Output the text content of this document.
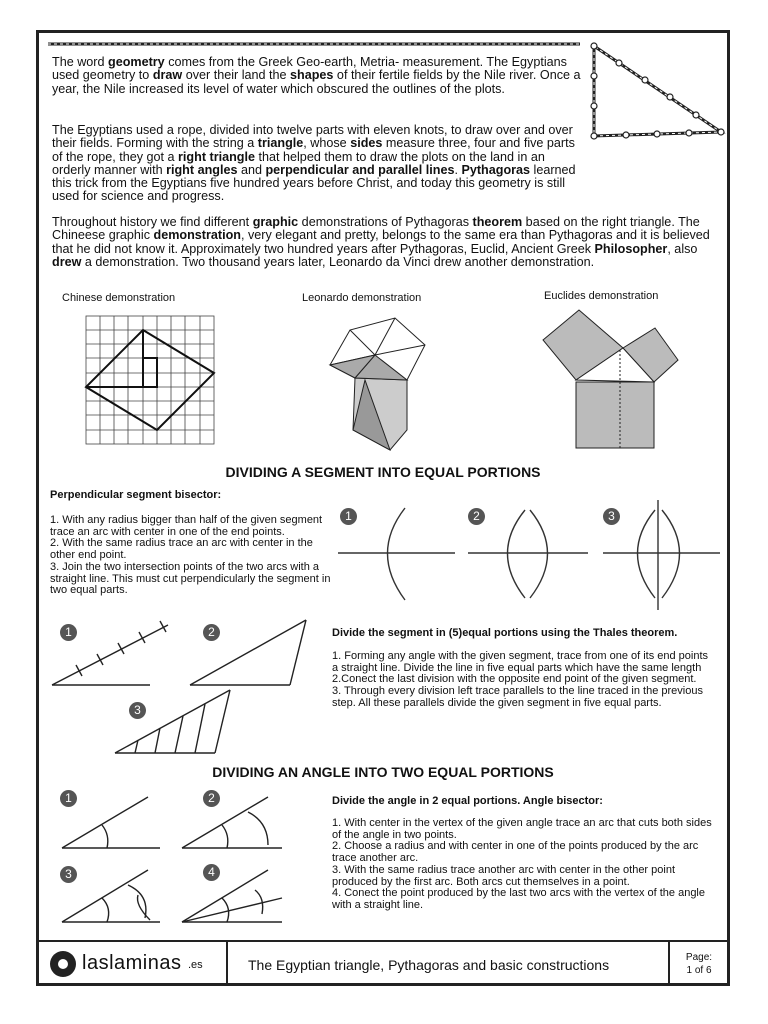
The word geometry comes from the Greek Geo-earth, Metria- measurement. The Egyptians used geometry to draw over their land the shapes of their fertile fields by the Nile river. Once a year, the Nile increased its level of water which obscured the outlines of the plots.

The Egyptians used a rope, divided into twelve parts with eleven knots, to draw over and over their fields. Forming with the string a triangle, whose sides measure three, four and five parts of the rope, they got a right triangle that helped them to draw the plots on the land in an orderly manner with right angles and perpendicular and parallel lines. Pythagoras learned this trick from the Egyptians five hundred years before Christ, and today this geometry is still used for science and progress.

Throughout history we find different graphic demonstrations of Pythagoras theorem based on the right triangle. The Chineese graphic demonstration, very elegant and pretty, belongs to the same era than Pythagoras and it is believed that he did not know it. Approximately two hundred years after Pythagoras, Euclid, Ancient Greek Philosopher, also drew a demonstration. Two thousand years later, Leonardo da Vinci drew another demonstration.

Chinese demonstration	Leonardo demonstration	Euclides demonstration
DIVIDING A SEGMENT INTO EQUAL PORTIONS
Perpendicular segment bisector:

1. With any radius bigger than half of the given segment trace an arc with center in one of the end points.
2. With the same radius trace an arc with center in the other end point.
3. Join the two intersection points of the two arcs with a straight line. This must cut perpendicularly the segment in two equal parts.

Divide the segment in (5)equal portions using the Thales theorem.

1. Forming any angle with the given segment, trace from one of its end points a straight line. Divide the line in five equal parts which have the same length
2.Conect the last division with the opposite end point of the given segment.
3. Through every division left trace parallels to the line traced in the previous step. All these parallels divide the given segment in five equal parts.

DIVIDING AN ANGLE INTO TWO EQUAL PORTIONS
Divide the angle in 2 equal portions. Angle bisector:

1. With center in the vertex of the given angle trace an arc that cuts both sides of the angle in two points.
2. Choose a radius and with center in one of the points produced by the arc trace another arc.
3. With the same radius trace another arc with center in the other point produced by the first arc. Both arcs cut themselves in a point.
4. Conect the point produced by the last two arcs with the vertex of the angle with a straight line.

1	2	3
1	2
3
1	2
3	4
laslaminas .es	The Egyptian triangle, Pythagoras and basic constructions	Page:
1 of 6
